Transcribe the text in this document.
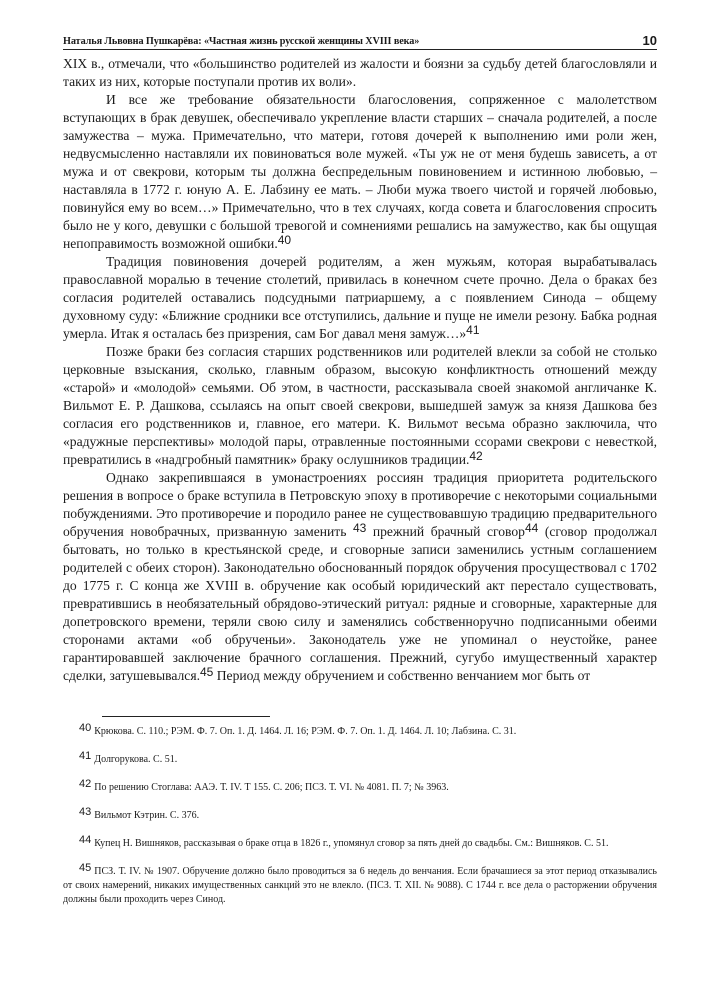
Наталья Львовна Пушкарёва: «Частная жизнь русской женщины XVIII века»	10

XIX в., отмечали, что «большинство родителей из жалости и боязни за судьбу детей благословляли и таких из них, которые поступали против их воли».

И все же требование обязательности благословения, сопряженное с малолетством вступающих в брак девушек, обеспечивало укрепление власти старших – сначала родителей, а после замужества – мужа. Примечательно, что матери, готовя дочерей к выполнению ими роли жен, недвусмысленно наставляли их повиноваться воле мужей. «Ты уж не от меня будешь зависеть, а от мужа и от свекрови, которым ты должна беспредельным повиновением и истинною любовью, – наставляла в 1772 г. юную А. Е. Лабзину ее мать. – Люби мужа твоего чистой и горячей любовью, повинуйся ему во всем…» Примечательно, что в тех случаях, когда совета и благословения спросить было не у кого, девушки с большой тревогой и сомнениями решались на замужество, как бы ощущая непоправимость возможной ошибки.$^{40}$

Традиция повиновения дочерей родителям, а жен мужьям, которая вырабатывалась православной моралью в течение столетий, привилась в конечном счете прочно. Дела о браках без согласия родителей оставались подсудными патриаршему, а с появлением Синода – общему духовному суду: «Ближние сродники все отступились, дальние и пуще не имели резону. Бабка родная умерла. Итак я осталась без призрения, сам Бог давал меня замуж…»$^{41}$

Позже браки без согласия старших родственников или родителей влекли за собой не столько церковные взыскания, сколько, главным образом, высокую конфликтность отношений между «старой» и «молодой» семьями. Об этом, в частности, рассказывала своей знакомой англичанке К. Вильмот Е. Р. Дашкова, ссылаясь на опыт своей свекрови, вышедшей замуж за князя Дашкова без согласия его родственников и, главное, его матери. К. Вильмот весьма образно заключила, что «радужные перспективы» молодой пары, отравленные постоянными ссорами свекрови с невесткой, превратились в «надгробный памятник» браку ослушников традиции.$^{42}$

Однако закрепившаяся в умонастроениях россиян традиция приоритета родительского решения в вопросе о браке вступила в Петровскую эпоху в противоречие с некоторыми социальными побуждениями. Это противоречие и породило ранее не существовавшую традицию предварительного обручения новобрачных, призванную заменить $^{43}$ прежний брачный сговор$^{44}$ (сговор продолжал бытовать, но только в крестьянской среде, и сговорные записи заменились устным соглашением родителей с обеих сторон). Законодательно обоснованный порядок обручения просуществовал с 1702 до 1775 г. С конца же XVIII в. обручение как особый юридический акт перестало существовать, превратившись в необязательный обрядово-этический ритуал: рядные и сговорные, характерные для допетровского времени, теряли свою силу и заменялись собственноручно подписанными обеими сторонами актами «об обрученьи». Законодатель уже не упоминал о неустойке, ранее гарантировавшей заключение брачного соглашения. Прежний, сугубо имущественный характер сделки, затушевывался.$^{45}$ Период между обручением и собственно венчанием мог быть от

$^{40}$ Крюкова. С. 110.; РЭМ. Ф. 7. Оп. 1. Д. 1464. Л. 16; РЭМ. Ф. 7. Оп. 1. Д. 1464. Л. 10; Лабзина. С. 31.

$^{41}$ Долгорукова. С. 51.

$^{42}$ По решению Стоглава: ААЭ. Т. IV. Т 155. С. 206; ПСЗ. Т. VI. № 4081. П. 7; № 3963.

$^{43}$ Вильмот Кэтрин. С. 376.

$^{44}$ Купец Н. Вишняков, рассказывая о браке отца в 1826 г., упомянул сговор за пять дней до свадьбы. См.: Вишняков. С. 51.

$^{45}$ ПСЗ. Т. IV. № 1907. Обручение должно было проводиться за 6 недель до венчания. Если брачашиеся за этот период отказывались от своих намерений, никаких имущественных санкций это не влекло. (ПСЗ. Т. XII. № 9088). С 1744 г. все дела о расторжении обручения должны были проходить через Синод.
